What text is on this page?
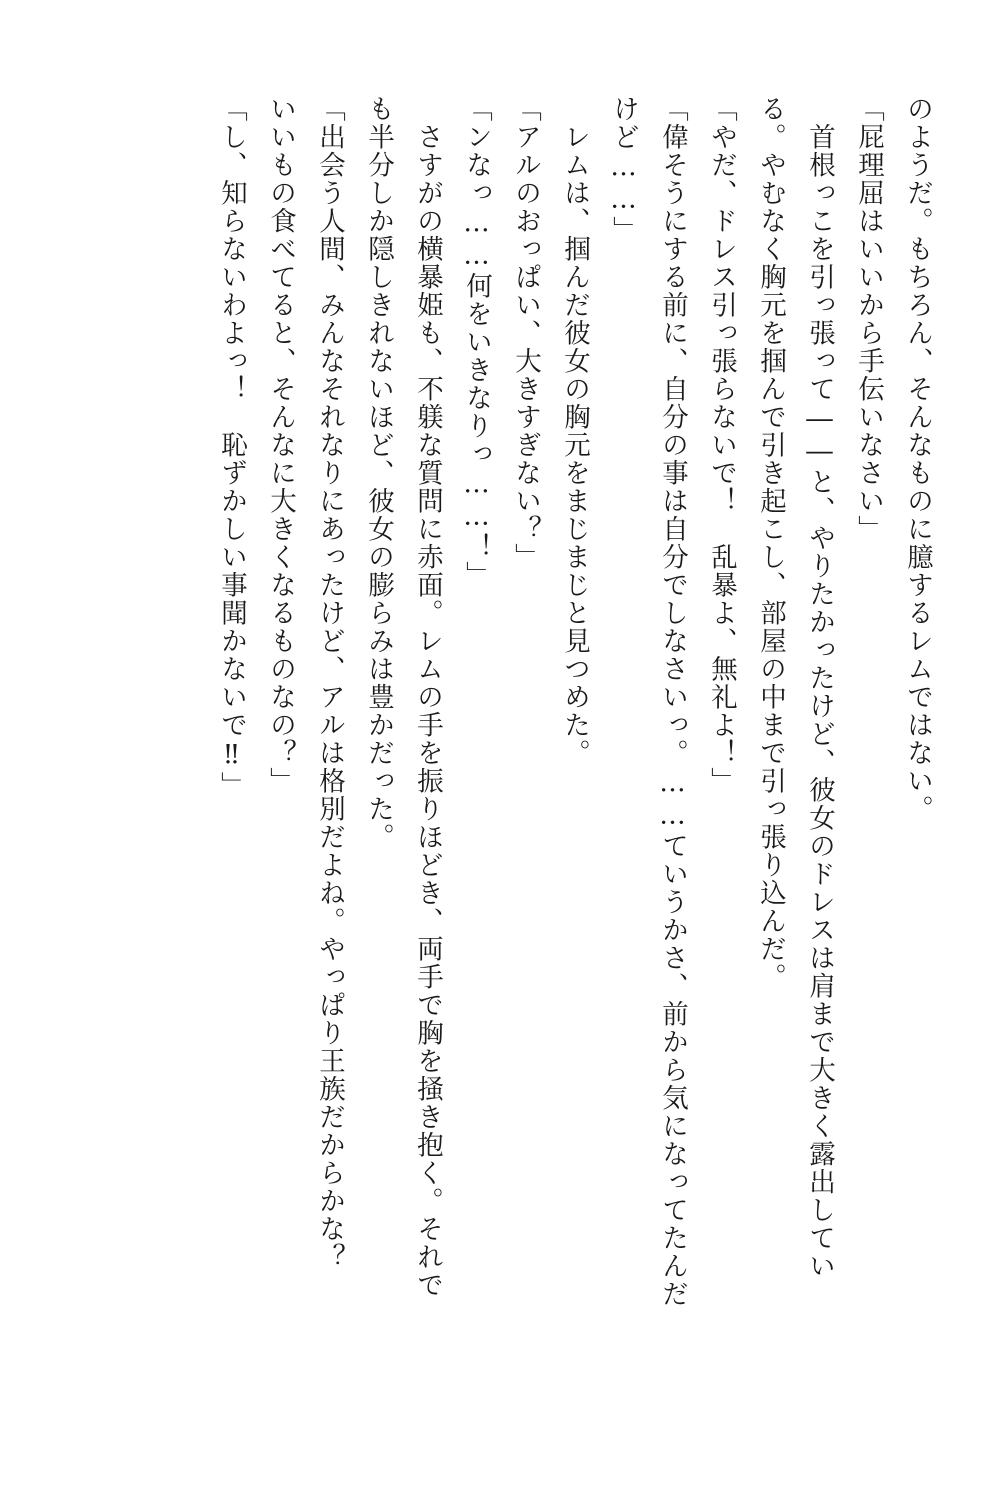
のようだ。もちろん、そんなものに臆するレムではない。
「屁理屈はいいから手伝いなさい」
　首根っこを引っ張って――と、やりたかったけど、彼女のドレスは肩まで大きく露出してい
る。やむなく胸元を掴んで引き起こし、部屋の中まで引っ張り込んだ。
「やだ、ドレス引っ張らないで！　乱暴よ、無礼よ！」
「偉そうにする前に、自分の事は自分でしなさいっ。……ていうかさ、前から気になってたんだ
けど……」
　レムは、掴んだ彼女の胸元をまじまじと見つめた。
「アルのおっぱい、大きすぎない？」
「ンなっ……何をいきなりっ……！」
　さすがの横暴姫も、不躾な質問に赤面。レムの手を振りほどき、両手で胸を掻き抱く。それで
も半分しか隠しきれないほど、彼女の膨らみは豊かだった。
「出会う人間、みんなそれなりにあったけど、アルは格別だよね。やっぱり王族だからかな？
いいもの食べてると、そんなに大きくなるものなの？」
「し、知らないわよっ！　恥ずかしい事聞かないで‼」
